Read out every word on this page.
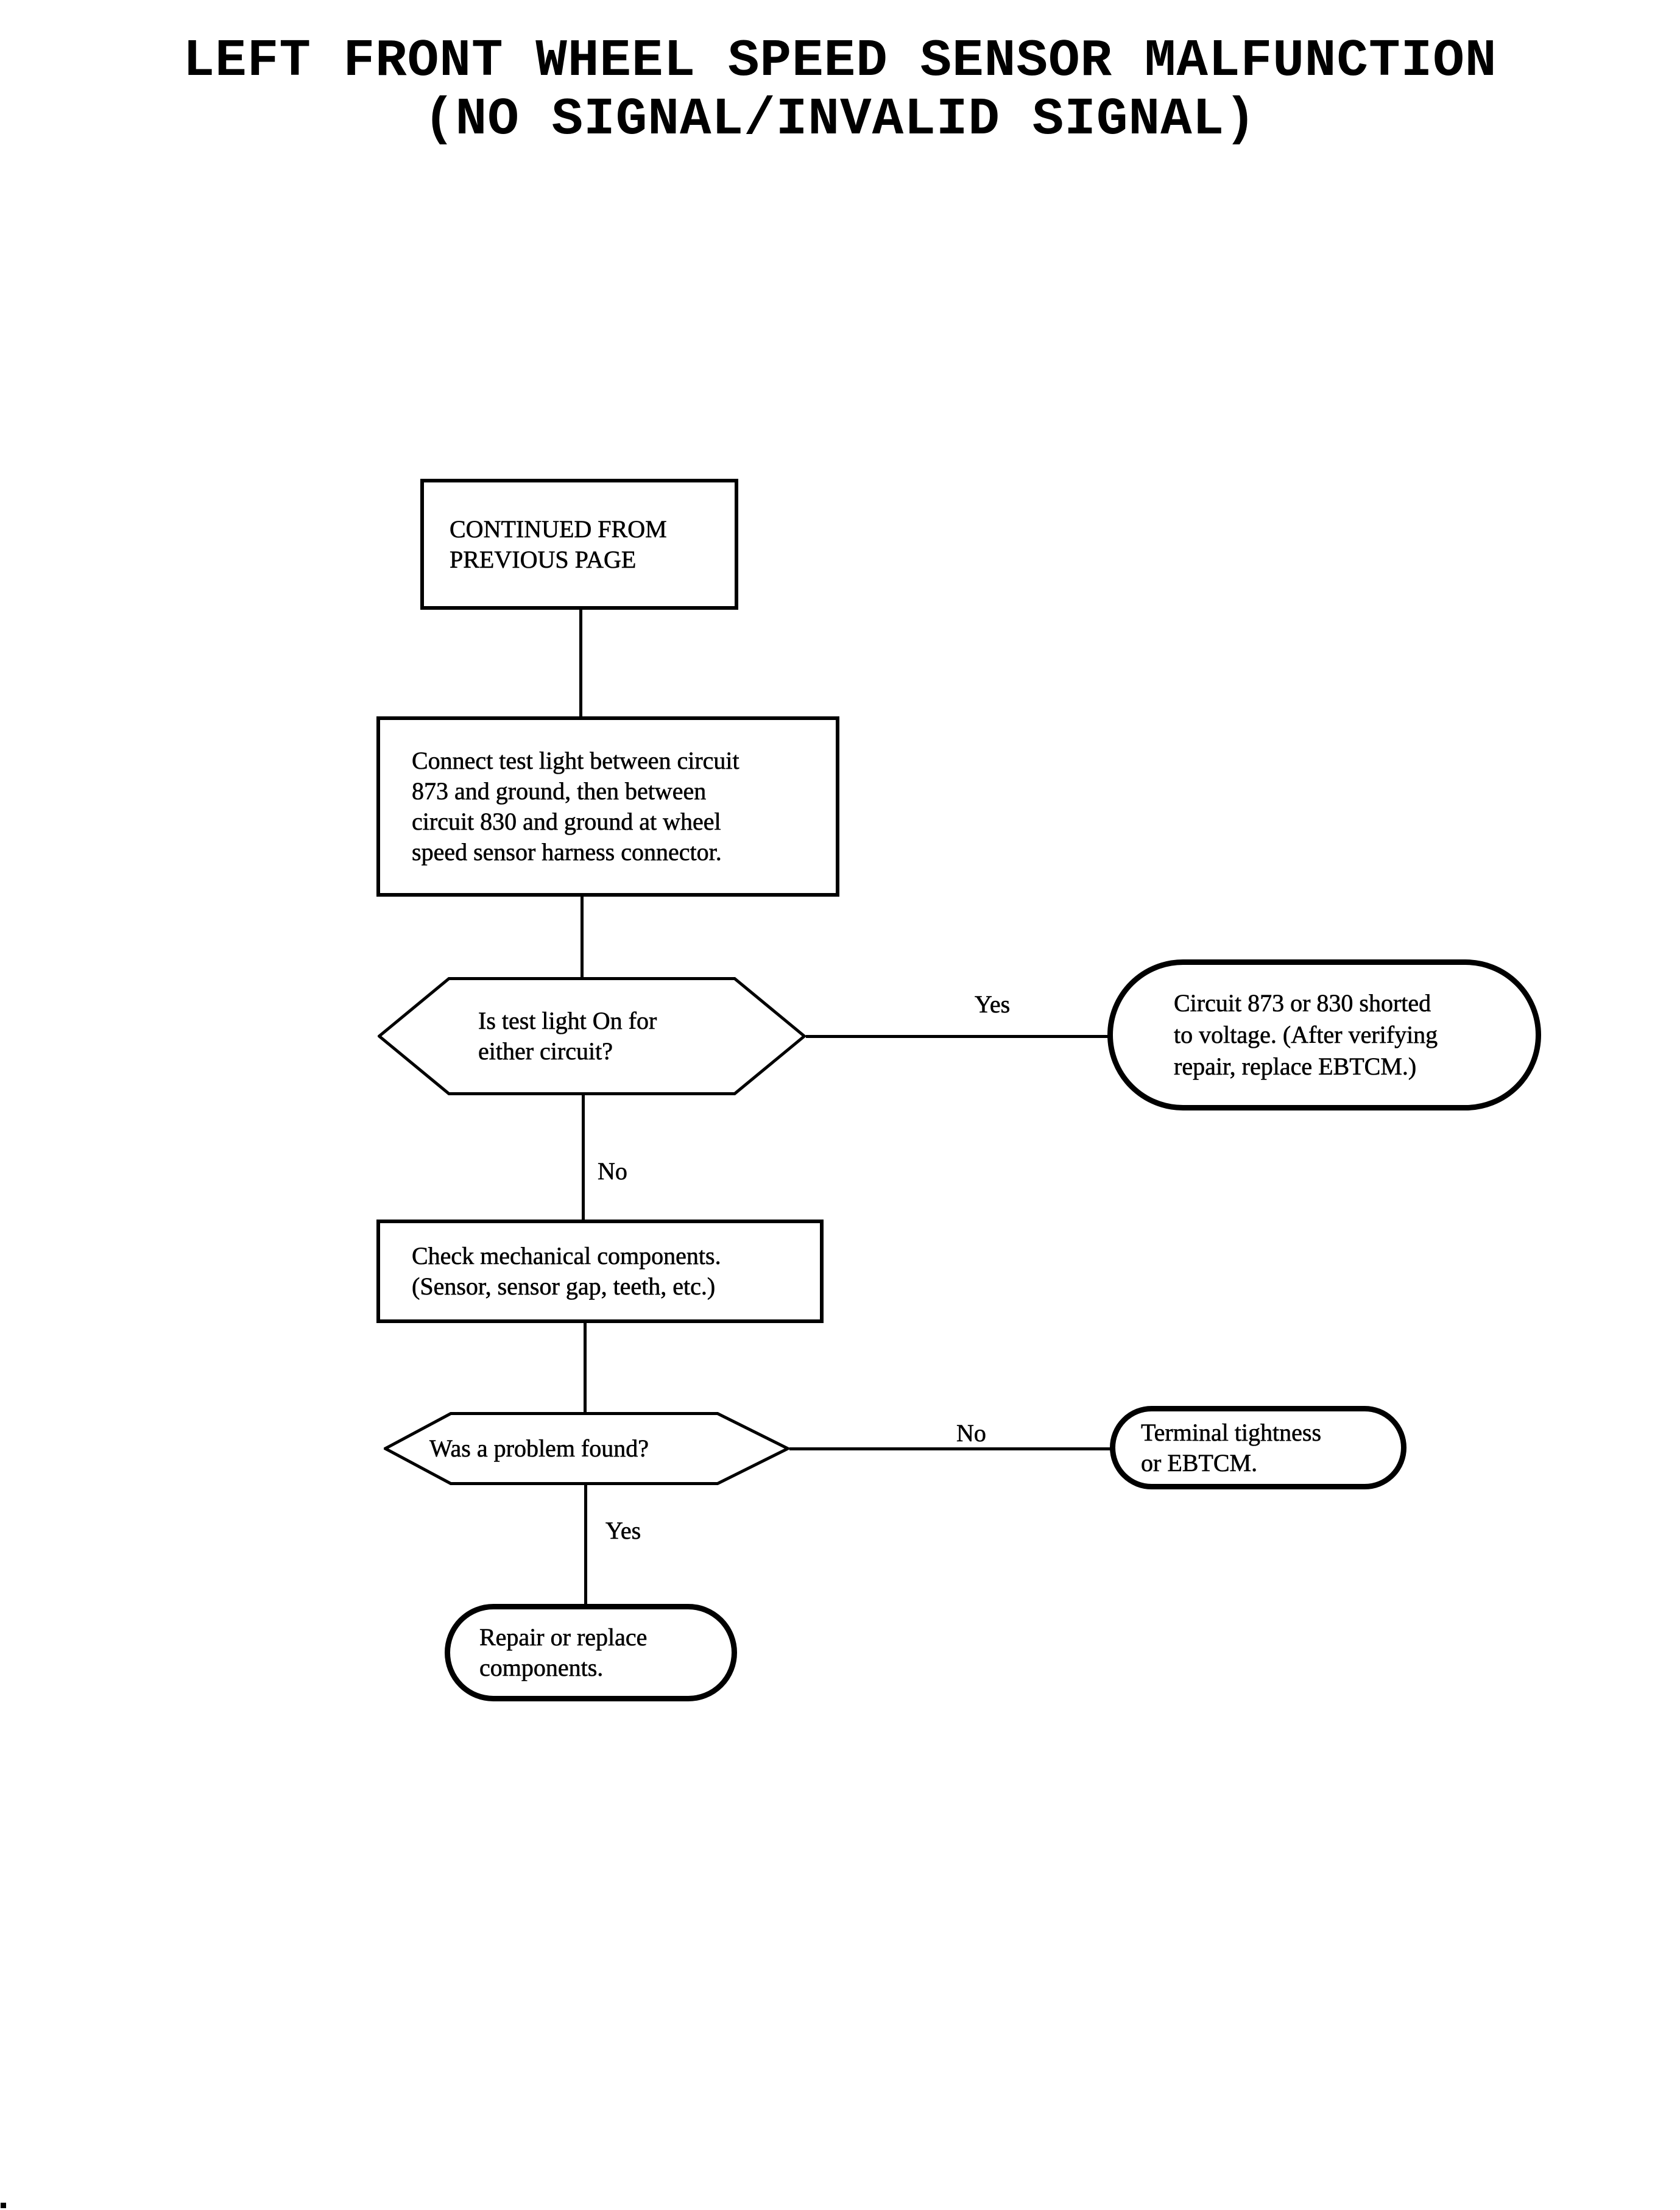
LEFT FRONT WHEEL SPEED SENSOR MALFUNCTION
(NO SIGNAL/INVALID SIGNAL)
CONTINUED FROM
PREVIOUS PAGE
Connect test light between circuit
873 and ground, then between
circuit 830 and ground at wheel
speed sensor harness connector.
Is test light On for
either circuit?
Yes	Circuit 873 or 830 shorted
to voltage. (After verifying
repair, replace EBTCM.)
No
Check mechanical components.
(Sensor, sensor gap, teeth, etc.)
Was a problem found?
No	Terminal tightness
or EBTCM.
Yes
Repair or replace
components.
